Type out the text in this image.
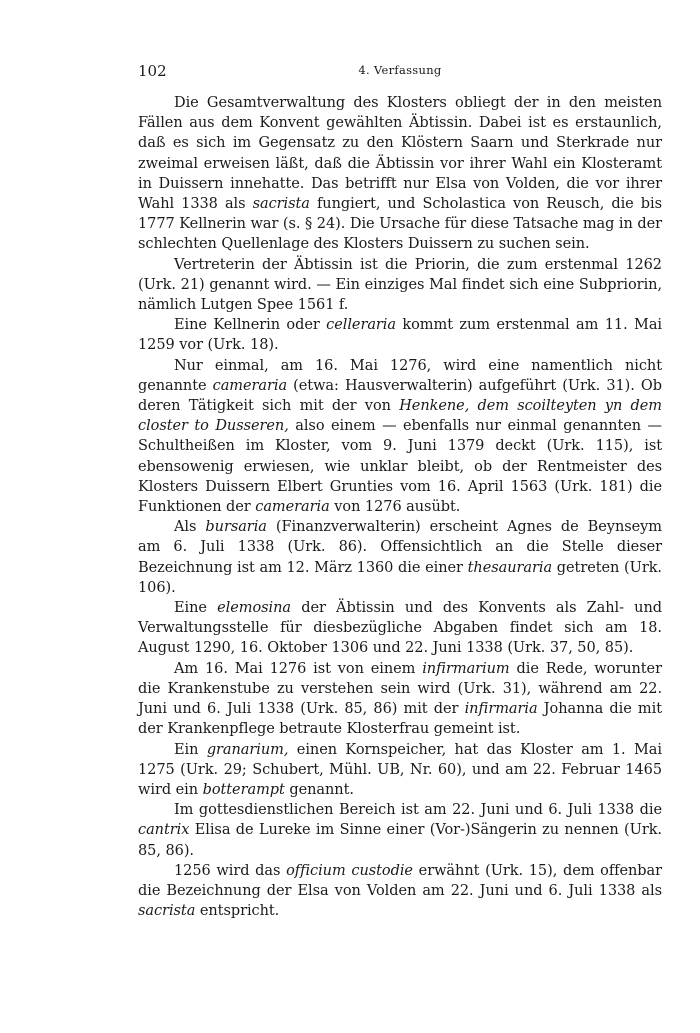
102	4. Verfassung

Die Gesamtverwaltung des Klosters obliegt der in den meisten Fällen aus dem Konvent gewählten Äbtissin. Dabei ist es erstaunlich, daß es sich im Gegensatz zu den Klöstern Saarn und Sterkrade nur zweimal erweisen läßt, daß die Äbtissin vor ihrer Wahl ein Klosteramt in Duissern innehatte. Das betrifft nur Elsa von Volden, die vor ihrer Wahl 1338 als sacrista fungiert, und Scholastica von Reusch, die bis 1777 Kellnerin war (s. § 24). Die Ursache für diese Tatsache mag in der schlechten Quellenlage des Klosters Duissern zu suchen sein.

Vertreterin der Äbtissin ist die Priorin, die zum erstenmal 1262 (Urk. 21) genannt wird. — Ein einziges Mal findet sich eine Subpriorin, nämlich Lutgen Spee 1561 f.

Eine Kellnerin oder celleraria kommt zum erstenmal am 11. Mai 1259 vor (Urk. 18).

Nur einmal, am 16. Mai 1276, wird eine namentlich nicht genannte cameraria (etwa: Hausverwalterin) aufgeführt (Urk. 31). Ob deren Tätigkeit sich mit der von Henkene, dem scoilteyten yn dem closter to Dusseren, also einem — ebenfalls nur einmal genannten — Schultheißen im Kloster, vom 9. Juni 1379 deckt (Urk. 115), ist ebensowenig erwiesen, wie unklar bleibt, ob der Rentmeister des Klosters Duissern Elbert Grunties vom 16. April 1563 (Urk. 181) die Funktionen der cameraria von 1276 ausübt.

Als bursaria (Finanzverwalterin) erscheint Agnes de Beynseym am 6. Juli 1338 (Urk. 86). Offensichtlich an die Stelle dieser Bezeichnung ist am 12. März 1360 die einer thesauraria getreten (Urk. 106).

Eine elemosina der Äbtissin und des Konvents als Zahl- und Verwaltungsstelle für diesbezügliche Abgaben findet sich am 18. August 1290, 16. Oktober 1306 und 22. Juni 1338 (Urk. 37, 50, 85).

Am 16. Mai 1276 ist von einem infirmarium die Rede, worunter die Krankenstube zu verstehen sein wird (Urk. 31), während am 22. Juni und 6. Juli 1338 (Urk. 85, 86) mit der infirmaria Johanna die mit der Krankenpflege betraute Klosterfrau gemeint ist.

Ein granarium, einen Kornspeicher, hat das Kloster am 1. Mai 1275 (Urk. 29; Schubert, Mühl. UB, Nr. 60), und am 22. Februar 1465 wird ein botterampt genannt.

Im gottesdienstlichen Bereich ist am 22. Juni und 6. Juli 1338 die cantrix Elisa de Lureke im Sinne einer (Vor-)Sängerin zu nennen (Urk. 85, 86).

1256 wird das officium custodie erwähnt (Urk. 15), dem offenbar die Bezeichnung der Elsa von Volden am 22. Juni und 6. Juli 1338 als sacrista entspricht.
